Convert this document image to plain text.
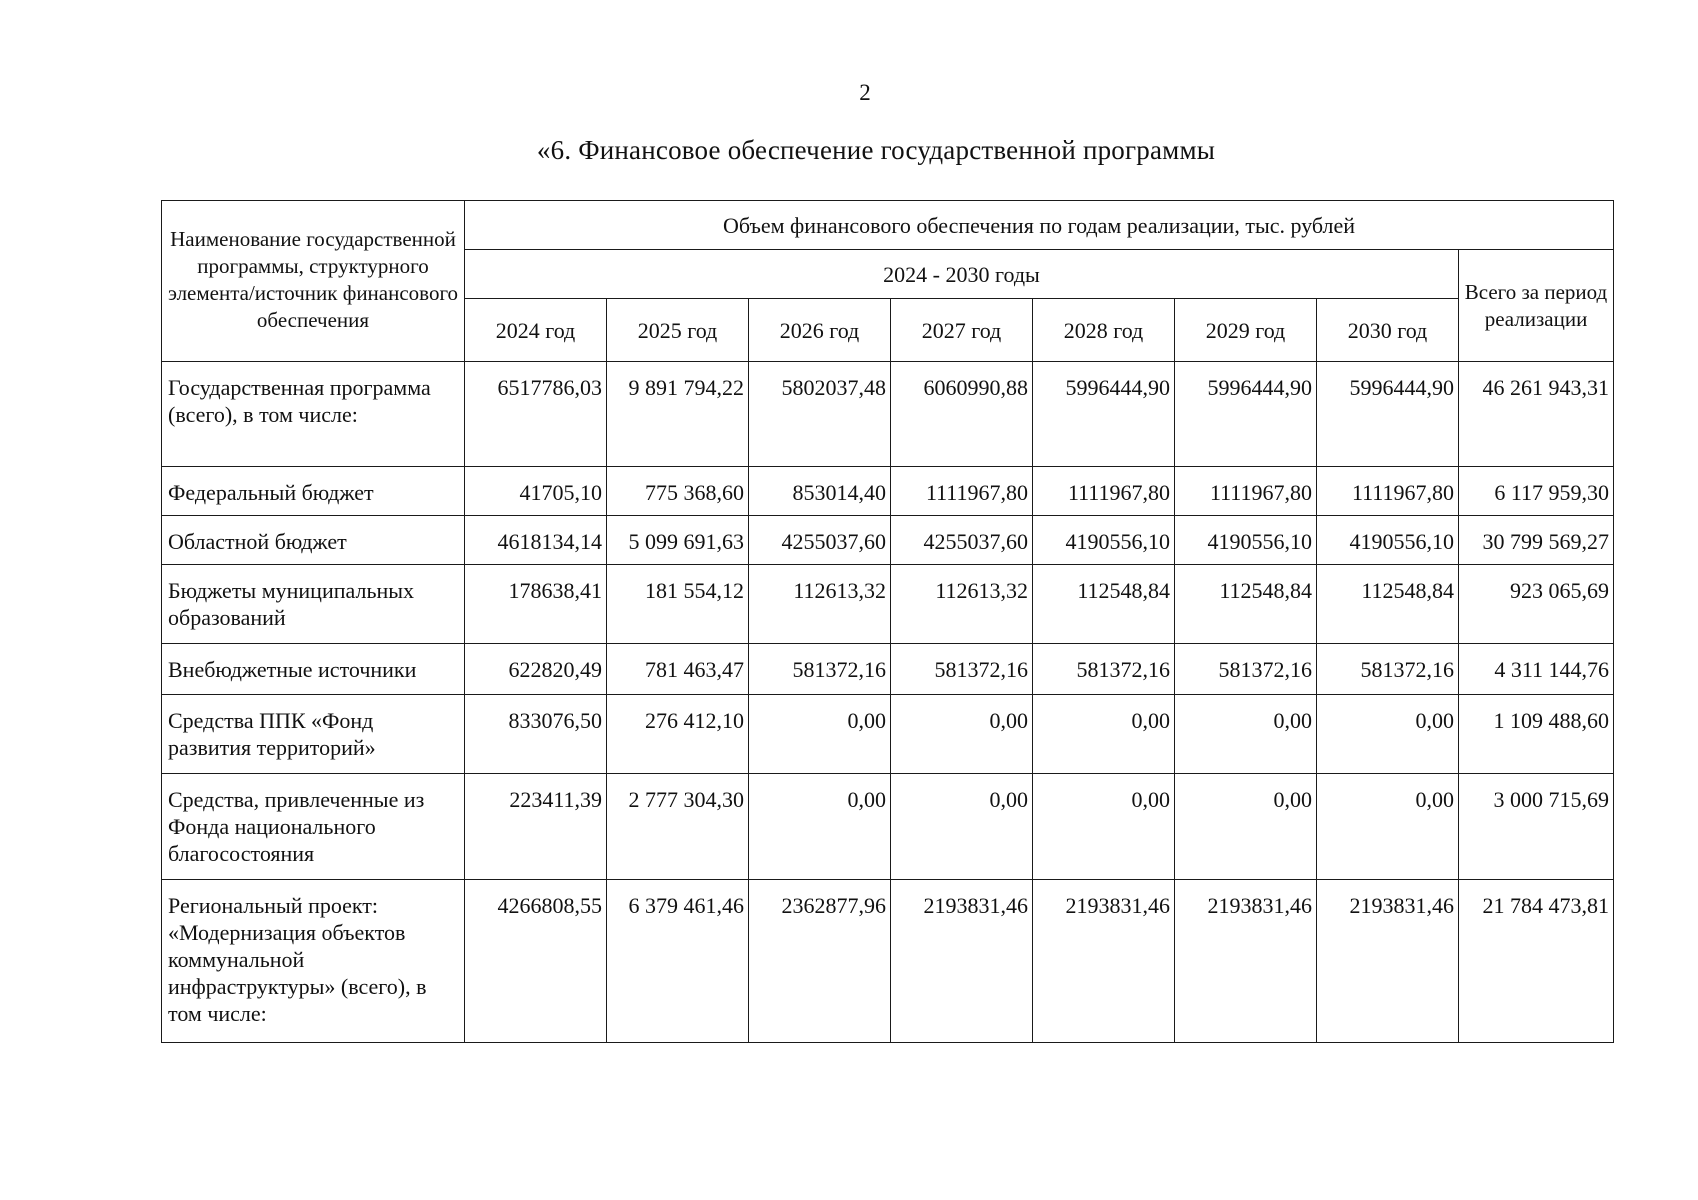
2
«6. Финансовое обеспечение государственной программы
Наименование государственной программы, структурного элемента/источник финансового обеспечения	Объем финансового обеспечения по годам реализации, тыс. рублей							
	2024 - 2030 годы							Всего за период реализации
	2024 год	2025 год	2026 год	2027 год	2028 год	2029 год	2030 год	
Государственная программа (всего), в том числе:	6517786,03	9 891 794,22	5802037,48	6060990,88	5996444,90	5996444,90	5996444,90	46 261 943,31
Федеральный бюджет	41705,10	775 368,60	853014,40	1111967,80	1111967,80	1111967,80	1111967,80	6 117 959,30
Областной бюджет	4618134,14	5 099 691,63	4255037,60	4255037,60	4190556,10	4190556,10	4190556,10	30 799 569,27
Бюджеты муниципальных образований	178638,41	181 554,12	112613,32	112613,32	112548,84	112548,84	112548,84	923 065,69
Внебюджетные источники	622820,49	781 463,47	581372,16	581372,16	581372,16	581372,16	581372,16	4 311 144,76
Средства ППК «Фонд развития территорий»	833076,50	276 412,10	0,00	0,00	0,00	0,00	0,00	1 109 488,60
Средства, привлеченные из Фонда национального благосостояния	223411,39	2 777 304,30	0,00	0,00	0,00	0,00	0,00	3 000 715,69
Региональный проект: «Модернизация объектов коммунальной инфраструктуры» (всего), в том числе:	4266808,55	6 379 461,46	2362877,96	2193831,46	2193831,46	2193831,46	2193831,46	21 784 473,81
